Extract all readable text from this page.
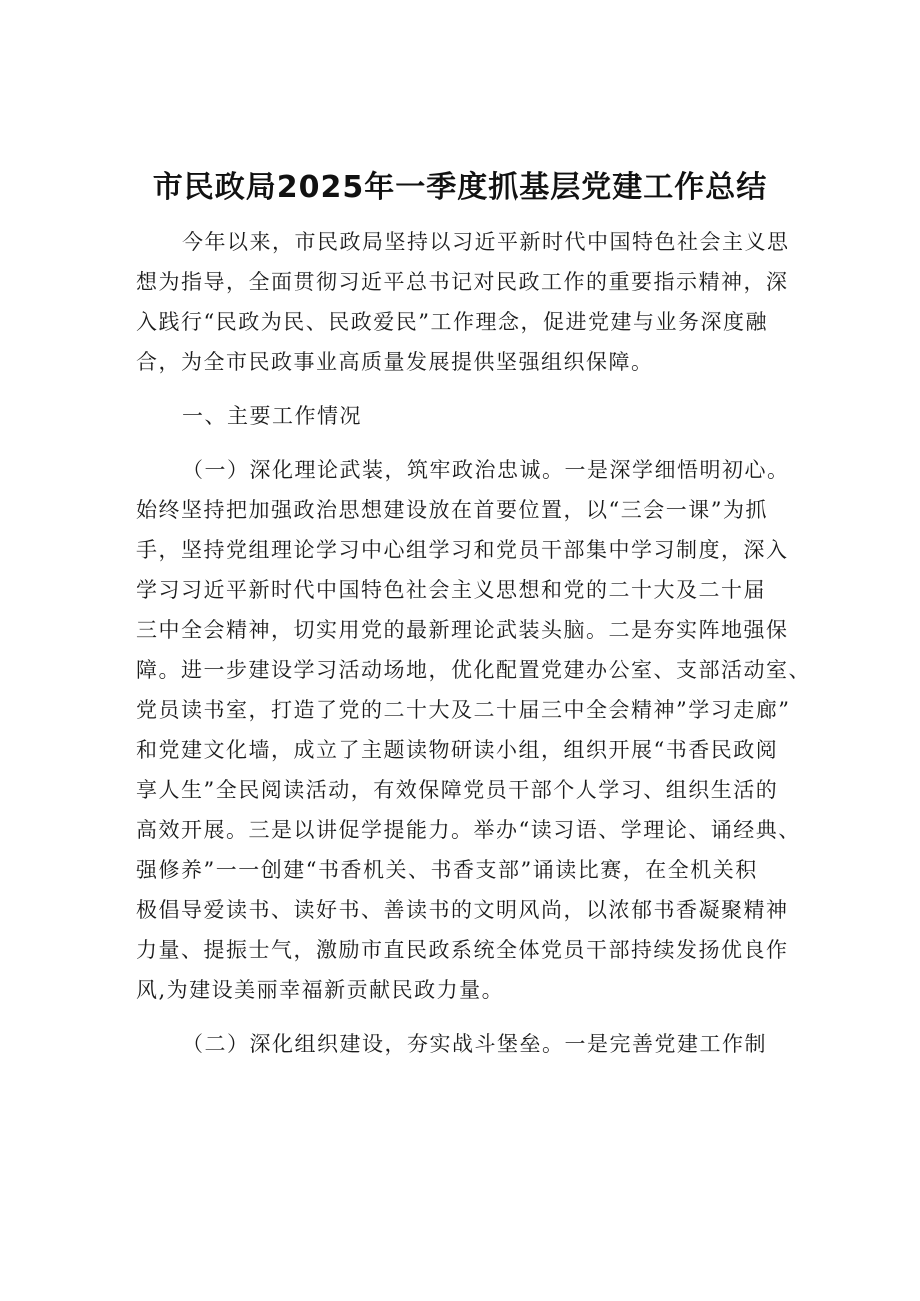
市民政局2025年一季度抓基层党建工作总结
今年以来，市民政局坚持以习近平新时代中国特色社会主义思
想为指导，全面贯彻习近平总书记对民政工作的重要指示精神，深
入践行“民政为民、民政爱民”工作理念，促进党建与业务深度融
合，为全市民政事业高质量发展提供坚强组织保障。
一、主要工作情况
（一）深化理论武装，筑牢政治忠诚。一是深学细悟明初心。
始终坚持把加强政治思想建设放在首要位置，以“三会一课”为抓
手，坚持党组理论学习中心组学习和党员干部集中学习制度，深入
学习习近平新时代中国特色社会主义思想和党的二十大及二十届
三中全会精神，切实用党的最新理论武装头脑。二是夯实阵地强保
障。进一步建设学习活动场地，优化配置党建办公室、支部活动室、
党员读书室，打造了党的二十大及二十届三中全会精神”学习走廊”
和党建文化墙，成立了主题读物研读小组，组织开展“书香民政阅
享人生”全民阅读活动，有效保障党员干部个人学习、组织生活的
高效开展。三是以讲促学提能力。举办“读习语、学理论、诵经典、
强修养”一一创建“书香机关、书香支部”诵读比赛，在全机关积
极倡导爱读书、读好书、善读书的文明风尚，以浓郁书香凝聚精神
力量、提振士气，激励市直民政系统全体党员干部持续发扬优良作
风,为建设美丽幸福新贡献民政力量。
（二）深化组织建设，夯实战斗堡垒。一是完善党建工作制
